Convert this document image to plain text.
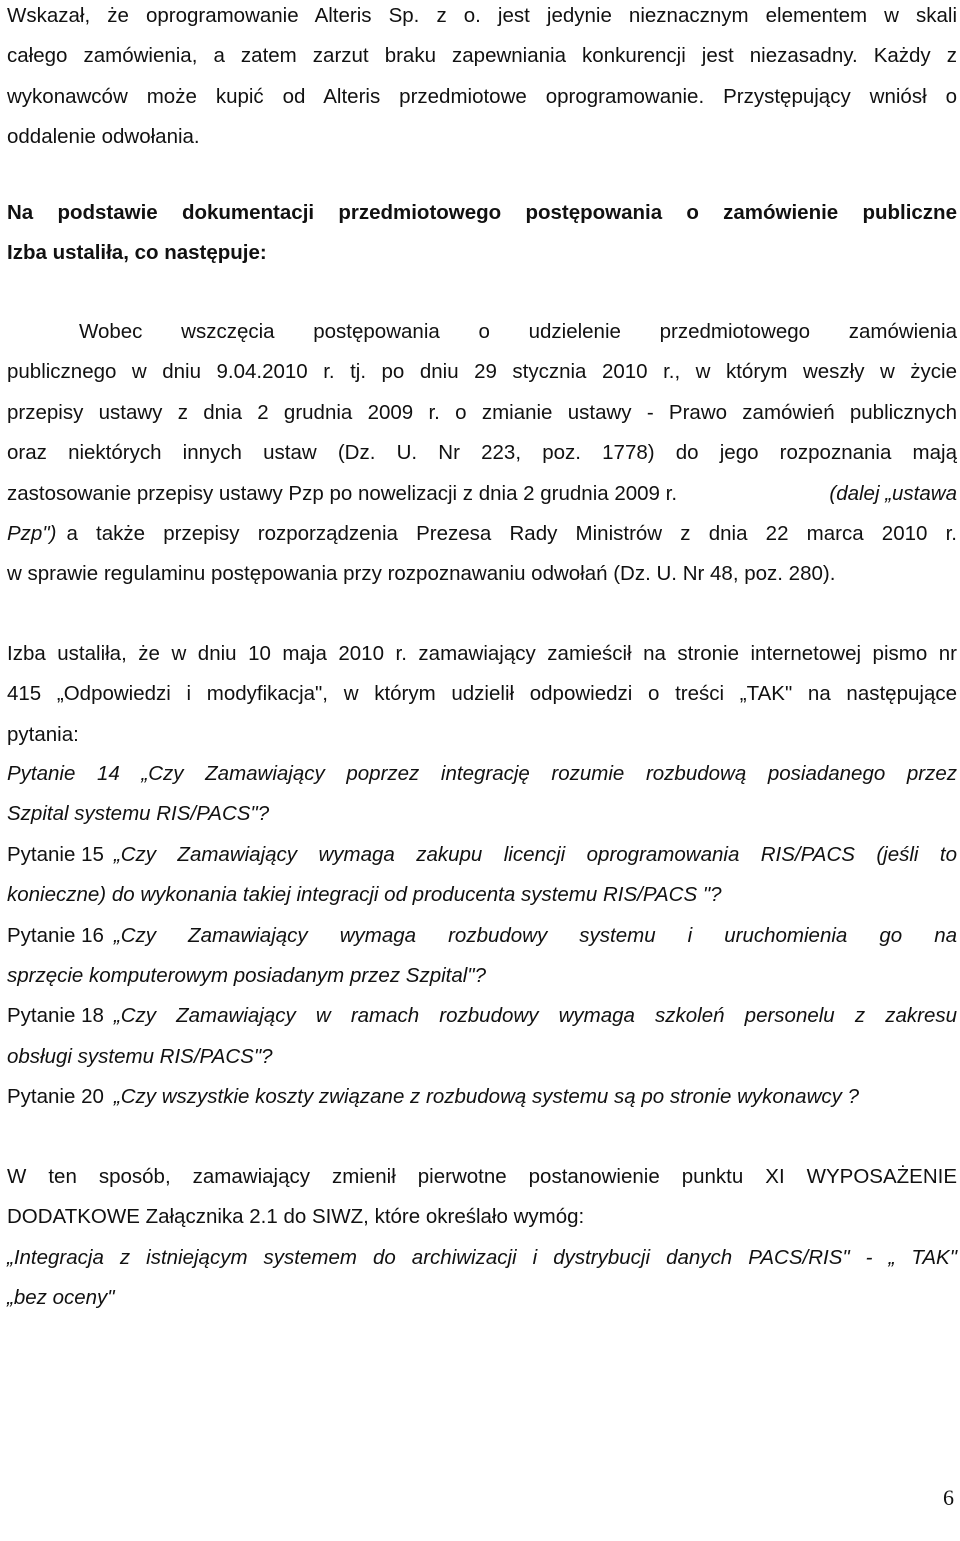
Wskazał, że oprogramowanie Alteris Sp. z o. jest jedynie nieznacznym elementem w skali
całego zamówienia, a zatem zarzut braku zapewniania konkurencji jest niezasadny. Każdy z
wykonawców może kupić od Alteris przedmiotowe oprogramowanie. Przystępujący wniósł o
oddalenie odwołania.
Na podstawie dokumentacji przedmiotowego postępowania o zamówienie publiczne
Izba ustaliła, co następuje:
Wobec wszczęcia postępowania o udzielenie przedmiotowego zamówienia
publicznego w dniu 9.04.2010 r. tj. po dniu 29 stycznia 2010 r., w którym weszły w życie
przepisy ustawy z dnia 2 grudnia 2009 r. o zmianie ustawy - Prawo zamówień publicznych
oraz niektórych innych ustaw (Dz. U. Nr 223, poz. 1778) do jego rozpoznania mają
zastosowanie przepisy ustawy Pzp po nowelizacji z dnia 2 grudnia 2009 r.	(dalej „ustawa
Pzp") a także przepisy rozporządzenia Prezesa Rady Ministrów z dnia 22 marca 2010 r.
w sprawie regulaminu postępowania przy rozpoznawaniu odwołań (Dz. U. Nr 48, poz. 280).
Izba ustaliła, że w dniu 10 maja 2010 r. zamawiający zamieścił na stronie internetowej pismo nr
415 „Odpowiedzi i modyfikacja", w którym udzielił odpowiedzi o treści „TAK" na następujące
pytania:
Pytanie 14 „Czy Zamawiający poprzez integrację rozumie rozbudową posiadanego przez
Szpital systemu RIS/PACS"?
Pytanie 15 „Czy Zamawiający wymaga zakupu licencji oprogramowania RIS/PACS (jeśli to
konieczne) do wykonania takiej integracji od producenta systemu RIS/PACS "?
Pytanie 16 „Czy Zamawiający wymaga rozbudowy systemu i uruchomienia go na
sprzęcie komputerowym posiadanym przez Szpital"?
Pytanie 18 „Czy Zamawiający w ramach rozbudowy wymaga szkoleń personelu z zakresu
obsługi systemu RIS/PACS"?
Pytanie 20 „Czy wszystkie koszty związane z rozbudową systemu są po stronie wykonawcy ?
W ten sposób, zamawiający zmienił pierwotne postanowienie punktu XI WYPOSAŻENIE
DODATKOWE Załącznika 2.1 do SIWZ, które określało wymóg:
„Integracja z istniejącym systemem do archiwizacji i dystrybucji danych PACS/RIS" - „ TAK"
„bez oceny"
6
